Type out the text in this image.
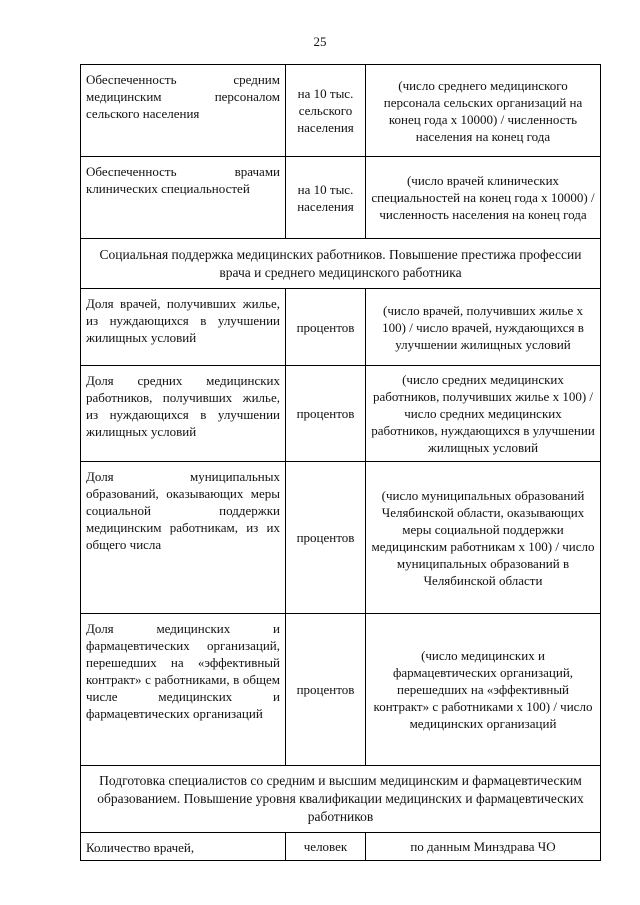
25
Обеспеченность средним медицинским персоналом сельского населения	на 10 тыс. сельского населения	(число среднего медицинского персонала сельских организаций на конец года х 10000) / численность населения на конец года
Обеспеченность врачами клинических специальностей	на 10 тыс. населения	(число врачей клинических специальностей на конец года х 10000) / численность населения на конец года
Социальная поддержка медицинских работников. Повышение престижа профессии врача и среднего медицинского работника		
Доля врачей, получивших жилье, из нуждающихся в улучшении жилищных условий	процентов	(число врачей, получивших жилье х 100) / число врачей, нуждающихся в улучшении жилищных условий
Доля средних медицинских работников, получивших жилье, из нуждающихся в улучшении жилищных условий	процентов	(число средних медицинских работников, получивших жилье х 100) / число средних медицинских работников, нуждающихся в улучшении жилищных условий
Доля муниципальных образований, оказывающих меры социальной поддержки медицинским работникам, из их общего числа	процентов	(число муниципальных образований Челябинской области, оказывающих меры социальной поддержки медицинским работникам х 100) / число муниципальных образований в Челябинской области
Доля медицинских и фармацевтических организаций, перешедших на «эффективный контракт» с работниками, в общем числе медицинских и фармацевтических организаций	процентов	(число медицинских и фармацевтических организаций, перешедших на «эффективный контракт» с работниками х 100) / число медицинских организаций
Подготовка специалистов со средним и высшим медицинским и фармацевтическим образованием. Повышение уровня квалификации медицинских и фармацевтических работников		
Количество врачей,	человек	по данным Минздрава ЧО
